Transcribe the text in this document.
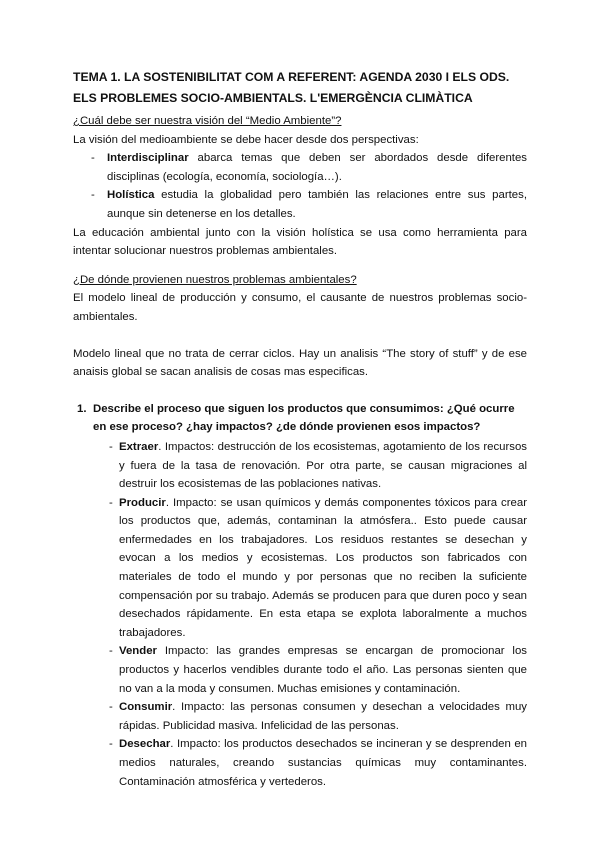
TEMA 1. LA SOSTENIBILITAT COM A REFERENT: AGENDA 2030 I ELS ODS.
ELS PROBLEMES SOCIO-AMBIENTALS. L'EMERGÈNCIA CLIMÀTICA

¿Cuál debe ser nuestra visión del “Medio Ambiente”?

La visión del medioambiente se debe hacer desde dos perspectivas:

- Interdisciplinar abarca temas que deben ser abordados desde diferentes disciplinas (ecología, economía, sociología…).
- Holística estudia la globalidad pero también las relaciones entre sus partes, aunque sin detenerse en los detalles.

La educación ambiental junto con la visión holística se usa como herramienta para intentar solucionar nuestros problemas ambientales.

¿De dónde provienen nuestros problemas ambientales?

El modelo lineal de producción y consumo, el causante de nuestros problemas socio-ambientales.

Modelo lineal que no trata de cerrar ciclos. Hay un analisis “The story of stuff” y de ese anaisis global se sacan analisis de cosas mas especificas.

1. Describe el proceso que siguen los productos que consumimos: ¿Qué ocurre en ese proceso? ¿hay impactos? ¿de dónde provienen esos impactos?
- Extraer. Impactos: destrucción de los ecosistemas, agotamiento de los recursos y fuera de la tasa de renovación. Por otra parte, se causan migraciones al destruir los ecosistemas de las poblaciones nativas.
- Producir. Impacto: se usan químicos y demás componentes tóxicos para crear los productos que, además, contaminan la atmósfera.. Esto puede causar enfermedades en los trabajadores. Los residuos restantes se desechan y evocan a los medios y ecosistemas. Los productos son fabricados con materiales de todo el mundo y por personas que no reciben la suficiente compensación por su trabajo. Además se producen para que duren poco y sean desechados rápidamente. En esta etapa se explota laboralmente a muchos trabajadores.
- Vender Impacto: las grandes empresas se encargan de promocionar los productos y hacerlos vendibles durante todo el año. Las personas sienten que no van a la moda y consumen. Muchas emisiones y contaminación.
- Consumir. Impacto: las personas consumen y desechan a velocidades muy rápidas. Publicidad masiva. Infelicidad de las personas.
- Desechar. Impacto: los productos desechados se incineran y se desprenden en medios naturales, creando sustancias químicas muy contaminantes. Contaminación atmosférica y vertederos.
